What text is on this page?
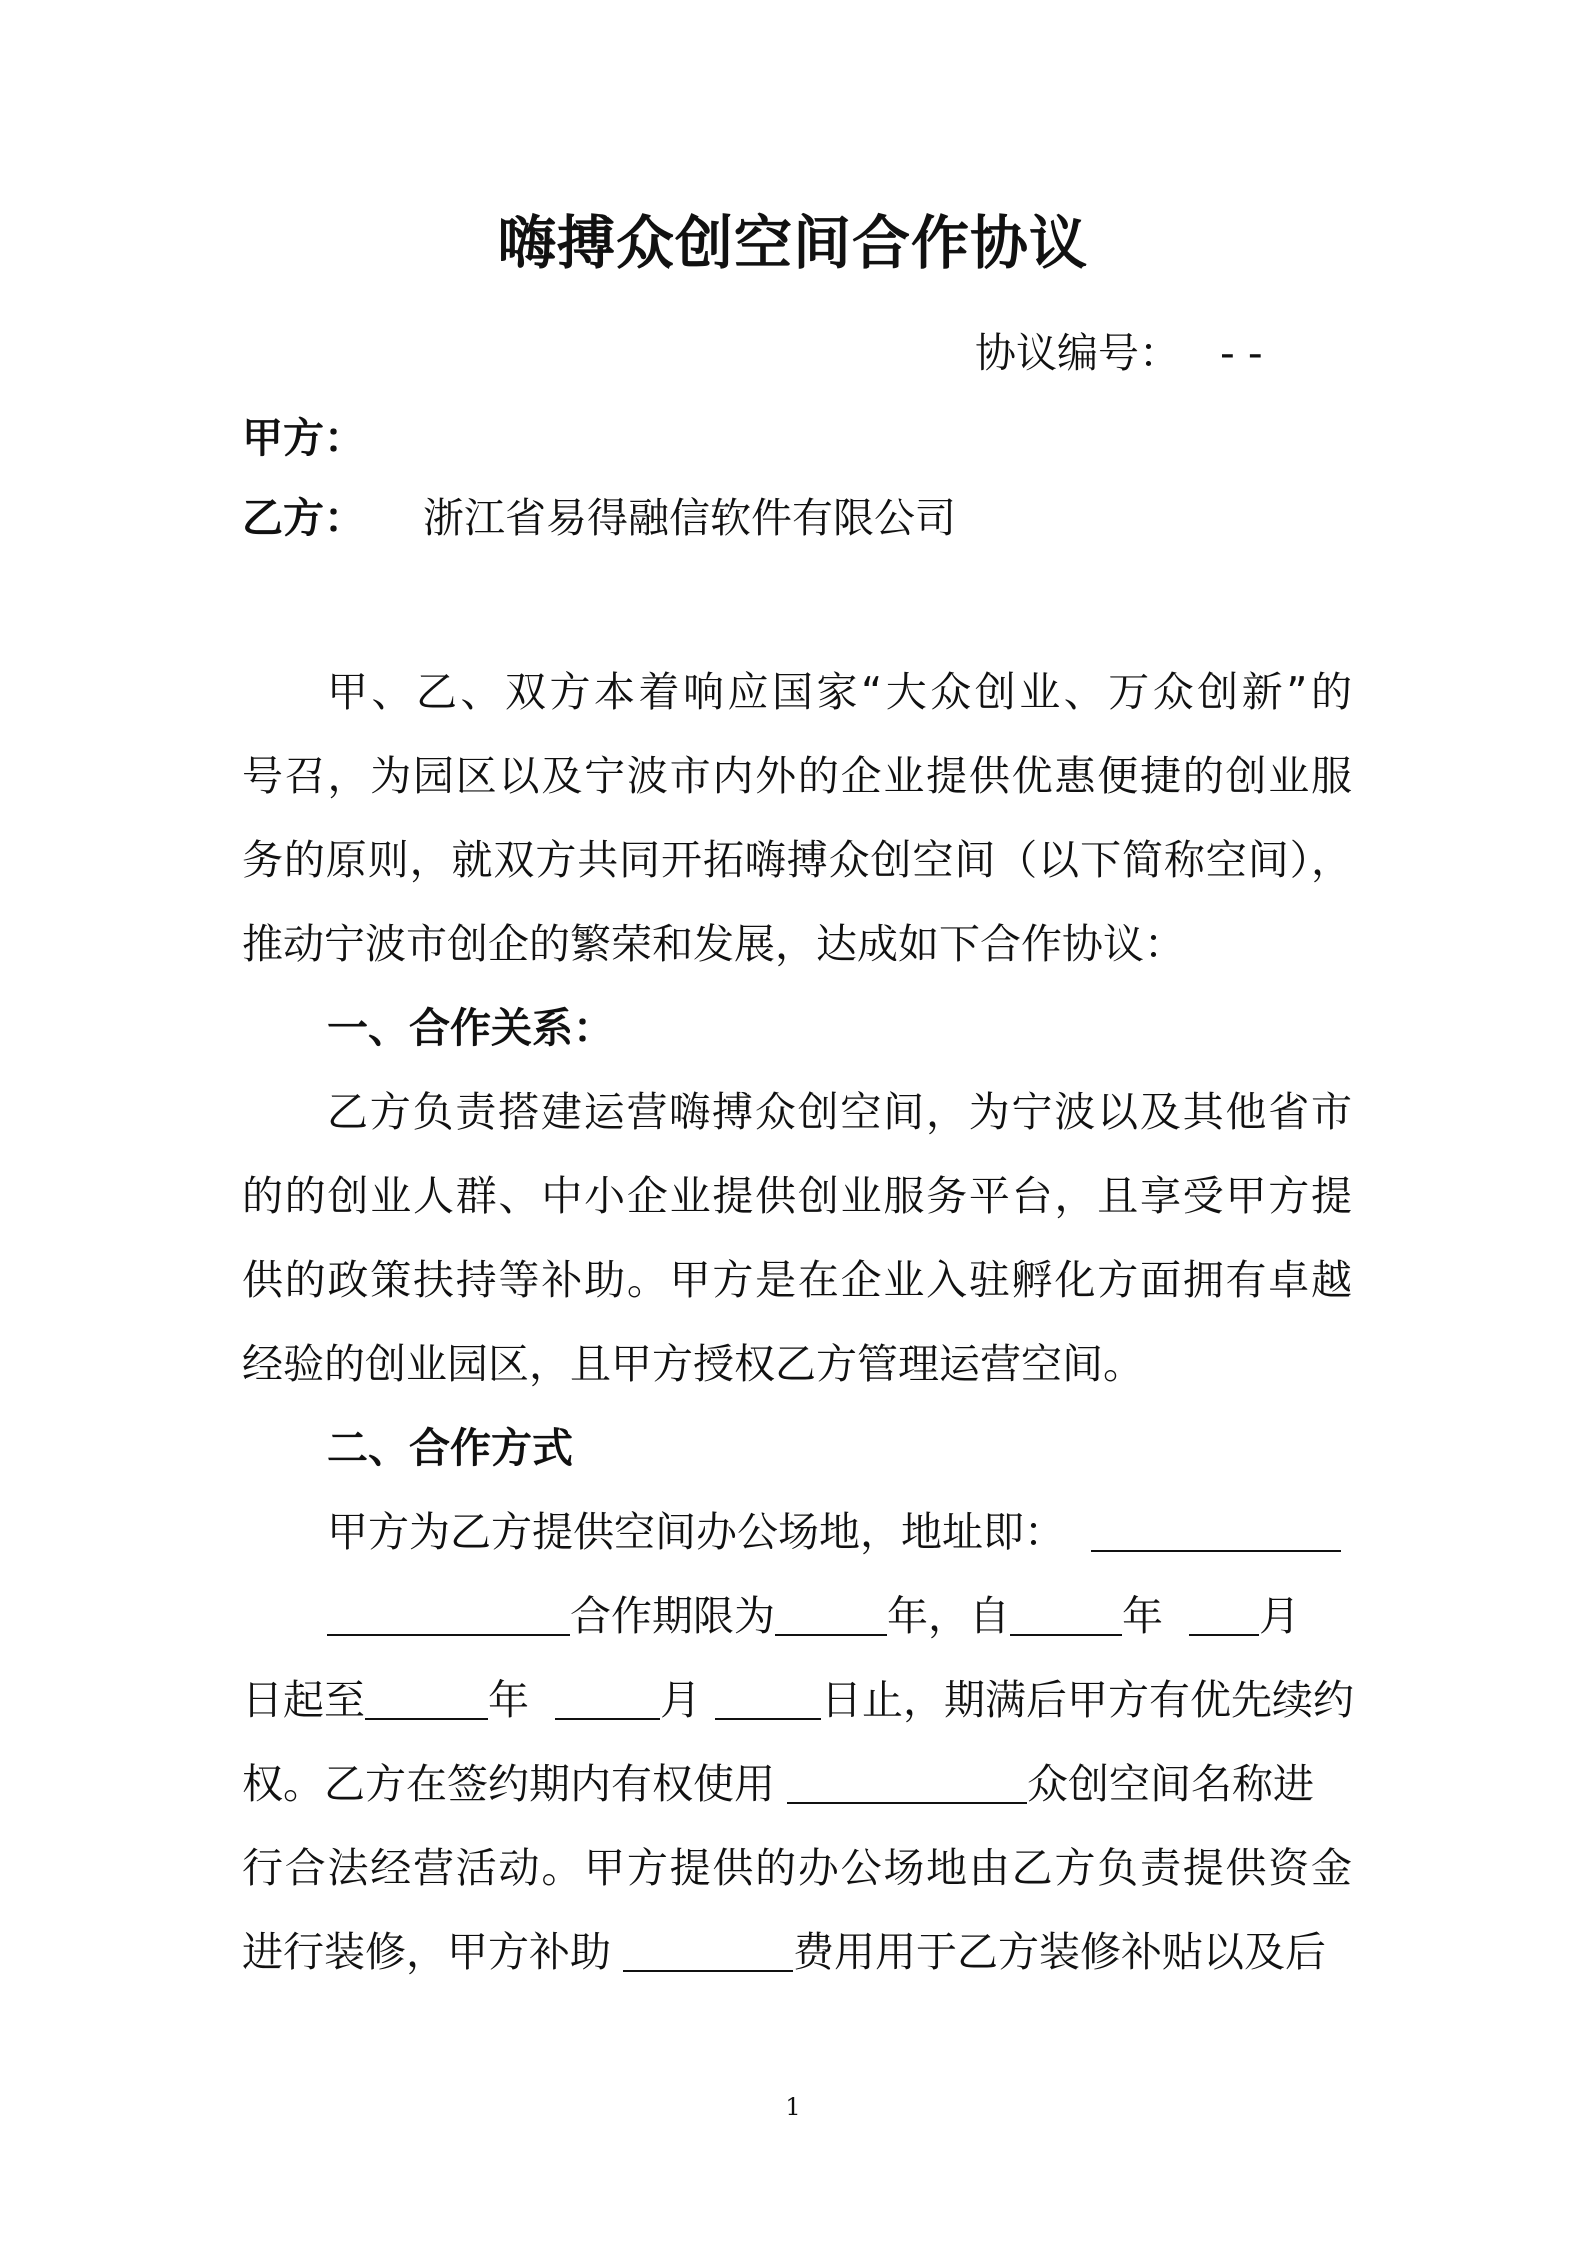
嗨搏众创空间合作协议
协议编号： - -
甲方：
乙方： 浙江省易得融信软件有限公司
甲、乙、双方本着响应国家“大众创业、万众创新”的
号召，为园区以及宁波市内外的企业提供优惠便捷的创业服
务的原则，就双方共同开拓嗨搏众创空间（以下简称空间），
推动宁波市创企的繁荣和发展，达成如下合作协议：
一、合作关系：
乙方负责搭建运营嗨搏众创空间，为宁波以及其他省市
的的创业人群、中小企业提供创业服务平台，且享受甲方提
供的政策扶持等补助。甲方是在企业入驻孵化方面拥有卓越
经验的创业园区，且甲方授权乙方管理运营空间。
二、合作方式
甲方为乙方提供空间办公场地，地址即：
合作期限为	年，自	年 月
日起至	年	月	日止，期满后甲方有优先续约
权。乙方在签约期内有权使用	众创空间名称进
行合法经营活动。甲方提供的办公场地由乙方负责提供资金
进行装修，甲方补助	费用用于乙方装修补贴以及后
1
